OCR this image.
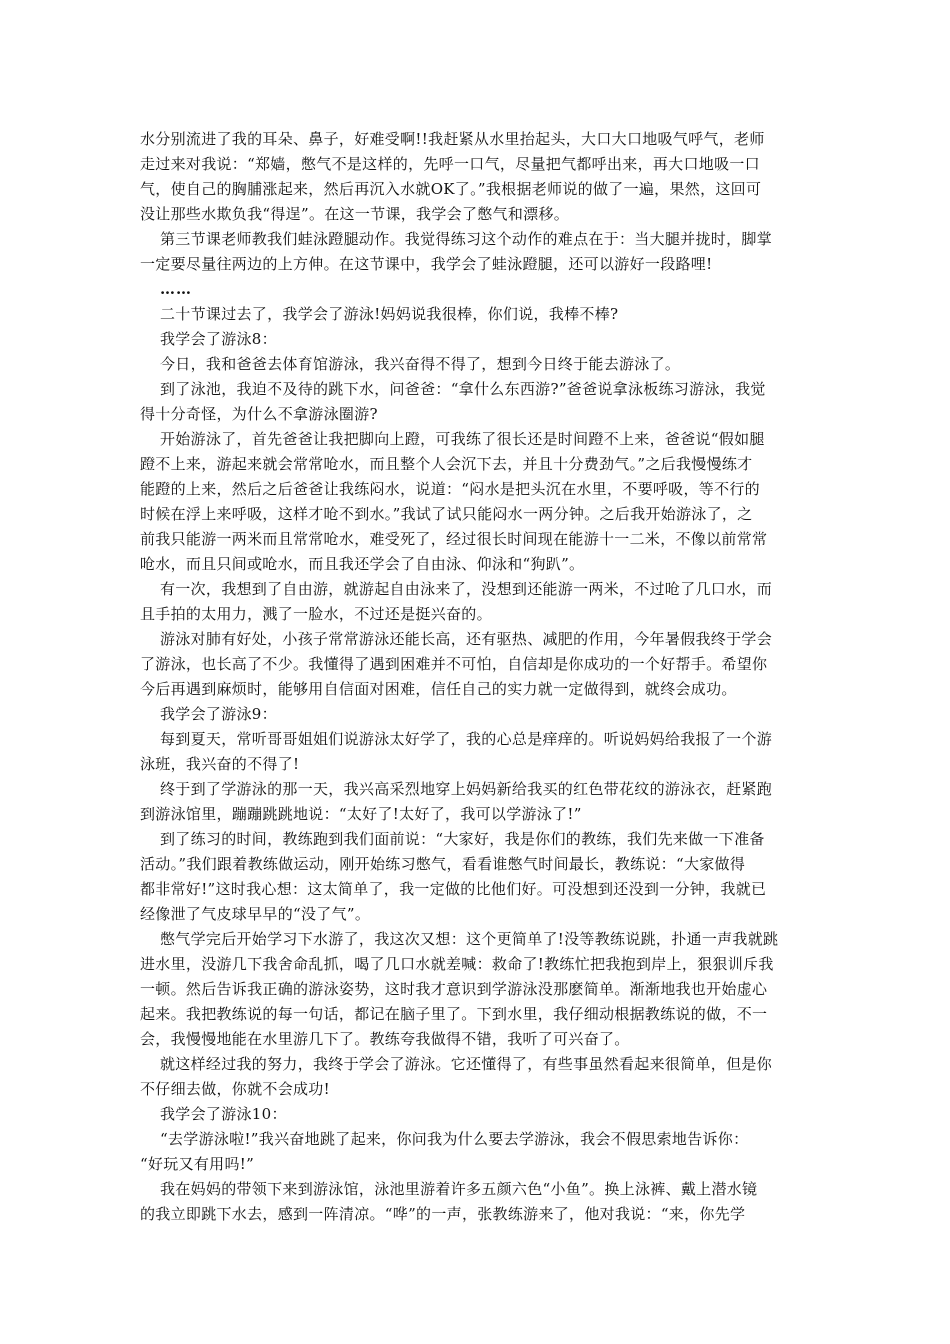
水分别流进了我的耳朵、鼻子，好难受啊!!我赶紧从水里抬起头，大口大口地吸气呼气，老师
走过来对我说：“郑嫱，憋气不是这样的，先呼一口气，尽量把气都呼出来，再大口地吸一口
气，使自己的胸脯涨起来，然后再沉入水就OK了。”我根据老师说的做了一遍，果然，这回可
没让那些水欺负我“得逞”。在这一节课，我学会了憋气和漂移。
第三节课老师教我们蛙泳蹬腿动作。我觉得练习这个动作的难点在于：当大腿并拢时，脚掌
一定要尽量往两边的上方伸。在这节课中，我学会了蛙泳蹬腿，还可以游好一段路哩!
……
二十节课过去了，我学会了游泳!妈妈说我很棒，你们说，我棒不棒?
我学会了游泳8：
今日，我和爸爸去体育馆游泳，我兴奋得不得了，想到今日终于能去游泳了。
到了泳池，我迫不及待的跳下水，问爸爸：“拿什么东西游?”爸爸说拿泳板练习游泳，我觉
得十分奇怪，为什么不拿游泳圈游?
开始游泳了，首先爸爸让我把脚向上蹬，可我练了很长还是时间蹬不上来，爸爸说“假如腿
蹬不上来，游起来就会常常呛水，而且整个人会沉下去，并且十分费劲气。”之后我慢慢练才
能蹬的上来，然后之后爸爸让我练闷水，说道：“闷水是把头沉在水里，不要呼吸，等不行的
时候在浮上来呼吸，这样才呛不到水。”我试了试只能闷水一两分钟。之后我开始游泳了，之
前我只能游一两米而且常常呛水，难受死了，经过很长时间现在能游十一二米，不像以前常常
呛水，而且只间或呛水，而且我还学会了自由泳、仰泳和“狗趴”。
有一次，我想到了自由游，就游起自由泳来了，没想到还能游一两米，不过呛了几口水，而
且手拍的太用力，溅了一脸水，不过还是挺兴奋的。
游泳对肺有好处，小孩子常常游泳还能长高，还有驱热、减肥的作用，今年暑假我终于学会
了游泳，也长高了不少。我懂得了遇到困难并不可怕，自信却是你成功的一个好帮手。希望你
今后再遇到麻烦时，能够用自信面对困难，信任自己的实力就一定做得到，就终会成功。
我学会了游泳9：
每到夏天，常听哥哥姐姐们说游泳太好学了，我的心总是痒痒的。听说妈妈给我报了一个游
泳班，我兴奋的不得了!
终于到了学游泳的那一天，我兴高采烈地穿上妈妈新给我买的红色带花纹的游泳衣，赶紧跑
到游泳馆里，蹦蹦跳跳地说：“太好了!太好了，我可以学游泳了!”
到了练习的时间，教练跑到我们面前说：“大家好，我是你们的教练，我们先来做一下准备
活动。”我们跟着教练做运动，刚开始练习憋气，看看谁憋气时间最长，教练说：“大家做得
都非常好!”这时我心想：这太简单了，我一定做的比他们好。可没想到还没到一分钟，我就已
经像泄了气皮球早早的“没了气”。
憋气学完后开始学习下水游了，我这次又想：这个更简单了!没等教练说跳，扑通一声我就跳
进水里，没游几下我舍命乱抓，喝了几口水就差喊：救命了!教练忙把我抱到岸上，狠狠训斥我
一顿。然后告诉我正确的游泳姿势，这时我才意识到学游泳没那麽简单。渐渐地我也开始虚心
起来。我把教练说的每一句话，都记在脑子里了。下到水里，我仔细动根据教练说的做，不一
会，我慢慢地能在水里游几下了。教练夸我做得不错，我听了可兴奋了。
就这样经过我的努力，我终于学会了游泳。它还懂得了，有些事虽然看起来很简单，但是你
不仔细去做，你就不会成功!
我学会了游泳10：
“去学游泳啦!”我兴奋地跳了起来，你问我为什么要去学游泳，我会不假思索地告诉你：
“好玩又有用吗!”
我在妈妈的带领下来到游泳馆，泳池里游着许多五颜六色“小鱼”。换上泳裤、戴上潜水镜
的我立即跳下水去，感到一阵清凉。“哗”的一声，张教练游来了，他对我说：“来，你先学
